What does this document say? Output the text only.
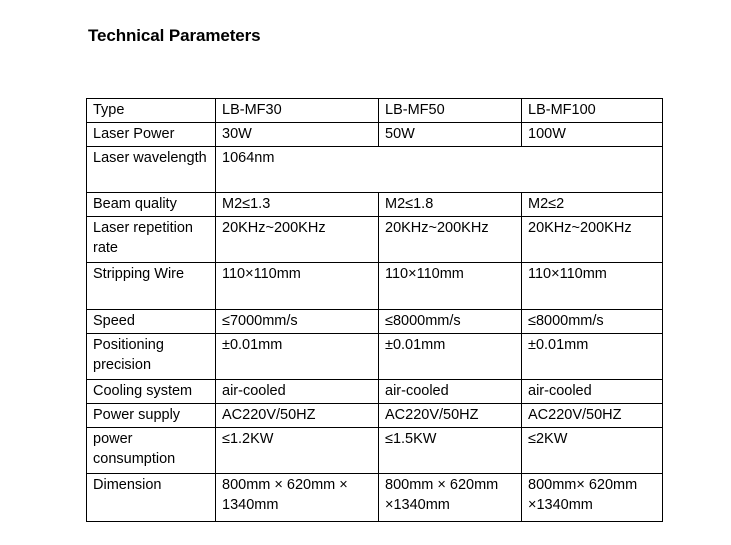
Technical Parameters
Type	LB-MF30	LB-MF50	LB-MF100
Laser Power	30W	50W	100W
Laser wavelength	1064nm		
Beam quality	M2≤1.3	M2≤1.8	M2≤2
Laser repetition rate	20KHz~200KHz	20KHz~200KHz	20KHz~200KHz
Stripping Wire	110×110mm	110×110mm	110×110mm
Speed	≤7000mm/s	≤8000mm/s	≤8000mm/s
Positioning precision	±0.01mm	±0.01mm	±0.01mm
Cooling system	air-cooled	air-cooled	air-cooled
Power supply	AC220V/50HZ	AC220V/50HZ	AC220V/50HZ
power consumption	≤1.2KW	≤1.5KW	≤2KW
Dimension	800mm × 620mm × 1340mm	800mm × 620mm ×1340mm	800mm× 620mm ×1340mm
